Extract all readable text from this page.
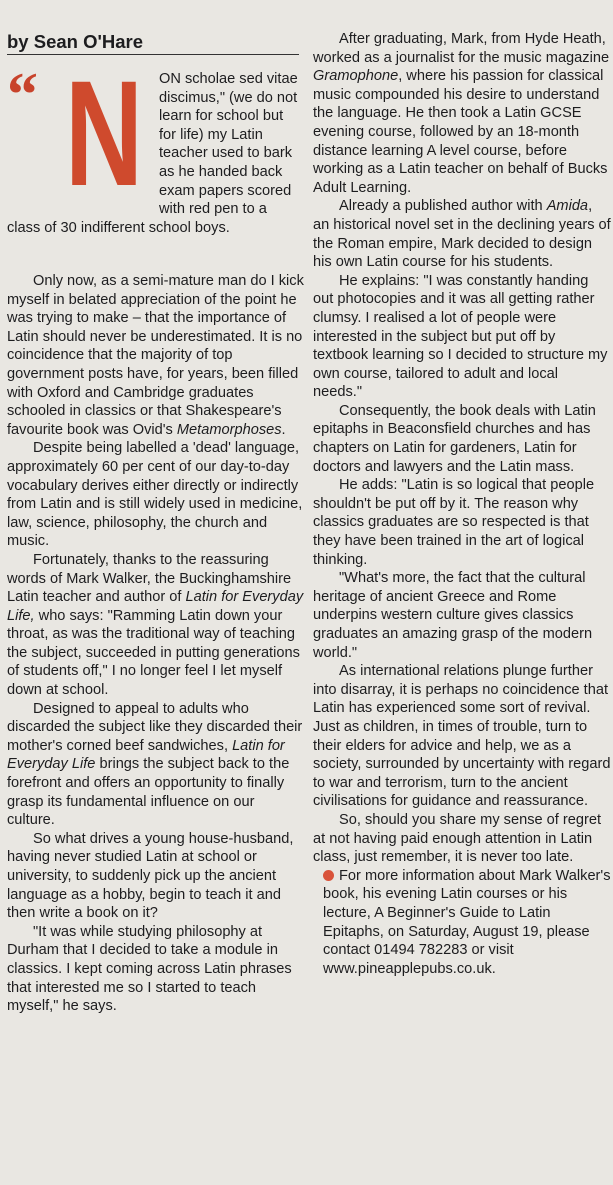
by Sean O'Hare
“ N	ON scholae sed vitae discimus," (we do not learn for school but for life) my Latin teacher used to bark as he handed back exam papers scored with red pen to a class of 30 indifferent school boys.

Only now, as a semi-mature man do I kick myself in belated appreciation of the point he was trying to make – that the importance of Latin should never be underestimated. It is no coincidence that the majority of top government posts have, for years, been filled with Oxford and Cambridge graduates schooled in classics or that Shakespeare's favourite book was Ovid's Metamorphoses.

Despite being labelled a 'dead' language, approximately 60 per cent of our day-to-day vocabulary derives either directly or indirectly from Latin and is still widely used in medicine, law, science, philosophy, the church and music.

Fortunately, thanks to the reassuring words of Mark Walker, the Buckinghamshire Latin teacher and author of Latin for Everyday Life, who says: "Ramming Latin down your throat, as was the traditional way of teaching the subject, succeeded in putting generations of students off," I no longer feel I let myself down at school.

Designed to appeal to adults who discarded the subject like they discarded their mother's corned beef sandwiches, Latin for Everyday Life brings the subject back to the forefront and offers an opportunity to finally grasp its fundamental influence on our culture.

So what drives a young house-husband, having never studied Latin at school or university, to suddenly pick up the ancient language as a hobby, begin to teach it and then write a book on it?

"It was while studying philosophy at Durham that I decided to take a module in classics. I kept coming across Latin phrases that interested me so I started to teach myself," he says.

After graduating, Mark, from Hyde Heath, worked as a journalist for the music magazine Gramophone, where his passion for classical music compounded his desire to understand the language. He then took a Latin GCSE evening course, followed by an 18-month distance learning A level course, before working as a Latin teacher on behalf of Bucks Adult Learning.

Already a published author with Amida, an historical novel set in the declining years of the Roman empire, Mark decided to design his own Latin course for his students.

He explains: "I was constantly handing out photocopies and it was all getting rather clumsy. I realised a lot of people were interested in the subject but put off by textbook learning so I decided to structure my own course, tailored to adult and local needs."

Consequently, the book deals with Latin epitaphs in Beaconsfield churches and has chapters on Latin for gardeners, Latin for doctors and lawyers and the Latin mass.

He adds: "Latin is so logical that people shouldn't be put off by it. The reason why classics graduates are so respected is that they have been trained in the art of logical thinking.

"What's more, the fact that the cultural heritage of ancient Greece and Rome underpins western culture gives classics graduates an amazing grasp of the modern world."

As international relations plunge further into disarray, it is perhaps no coincidence that Latin has experienced some sort of revival. Just as children, in times of trouble, turn to their elders for advice and help, we as a society, surrounded by uncertainty with regard to war and terrorism, turn to the ancient civilisations for guidance and reassurance.

So, should you share my sense of regret at not having paid enough attention in Latin class, just remember, it is never too late.

For more information about Mark Walker's book, his evening Latin courses or his lecture, A Beginner's Guide to Latin Epitaphs, on Saturday, August 19, please contact 01494 782283 or visit www.pineapplepubs.co.uk.
